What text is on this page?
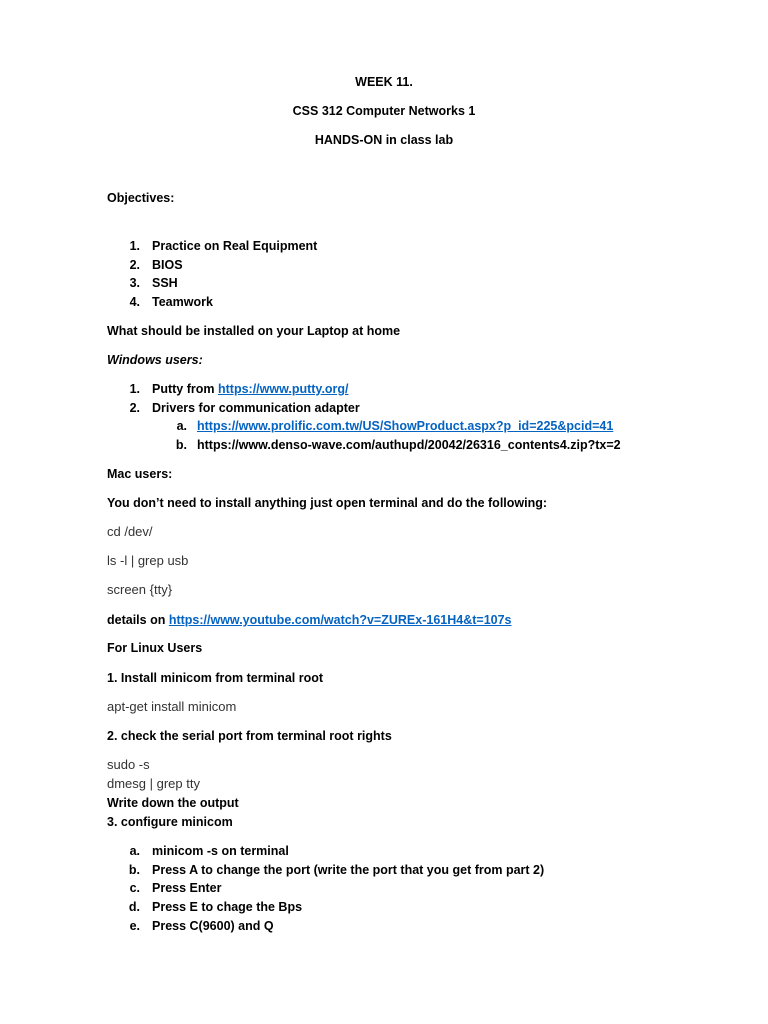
WEEK 11.
CSS 312 Computer Networks 1
HANDS-ON in class lab
Objectives:
1. Practice on Real Equipment
2. BIOS
3. SSH
4. Teamwork
What should be installed on your Laptop at home
Windows users:
1. Putty from https://www.putty.org/
2. Drivers for communication adapter
a. https://www.prolific.com.tw/US/ShowProduct.aspx?p_id=225&pcid=41
b. https://www.denso-wave.com/authupd/20042/26316_contents4.zip?tx=2
Mac users:
You don’t need to install anything just open terminal and do the following:
cd /dev/
ls -l | grep usb
screen {tty}
details on https://www.youtube.com/watch?v=ZUREx-161H4&t=107s
For Linux Users
1. Install minicom from terminal root
apt-get install minicom
2. check the serial port from terminal root rights
sudo -s
dmesg | grep tty
Write down the output
3. configure minicom
a. minicom -s on terminal
b. Press A to change the port (write the port that you get from part 2)
c. Press Enter
d. Press E to chage the Bps
e. Press C(9600) and Q
